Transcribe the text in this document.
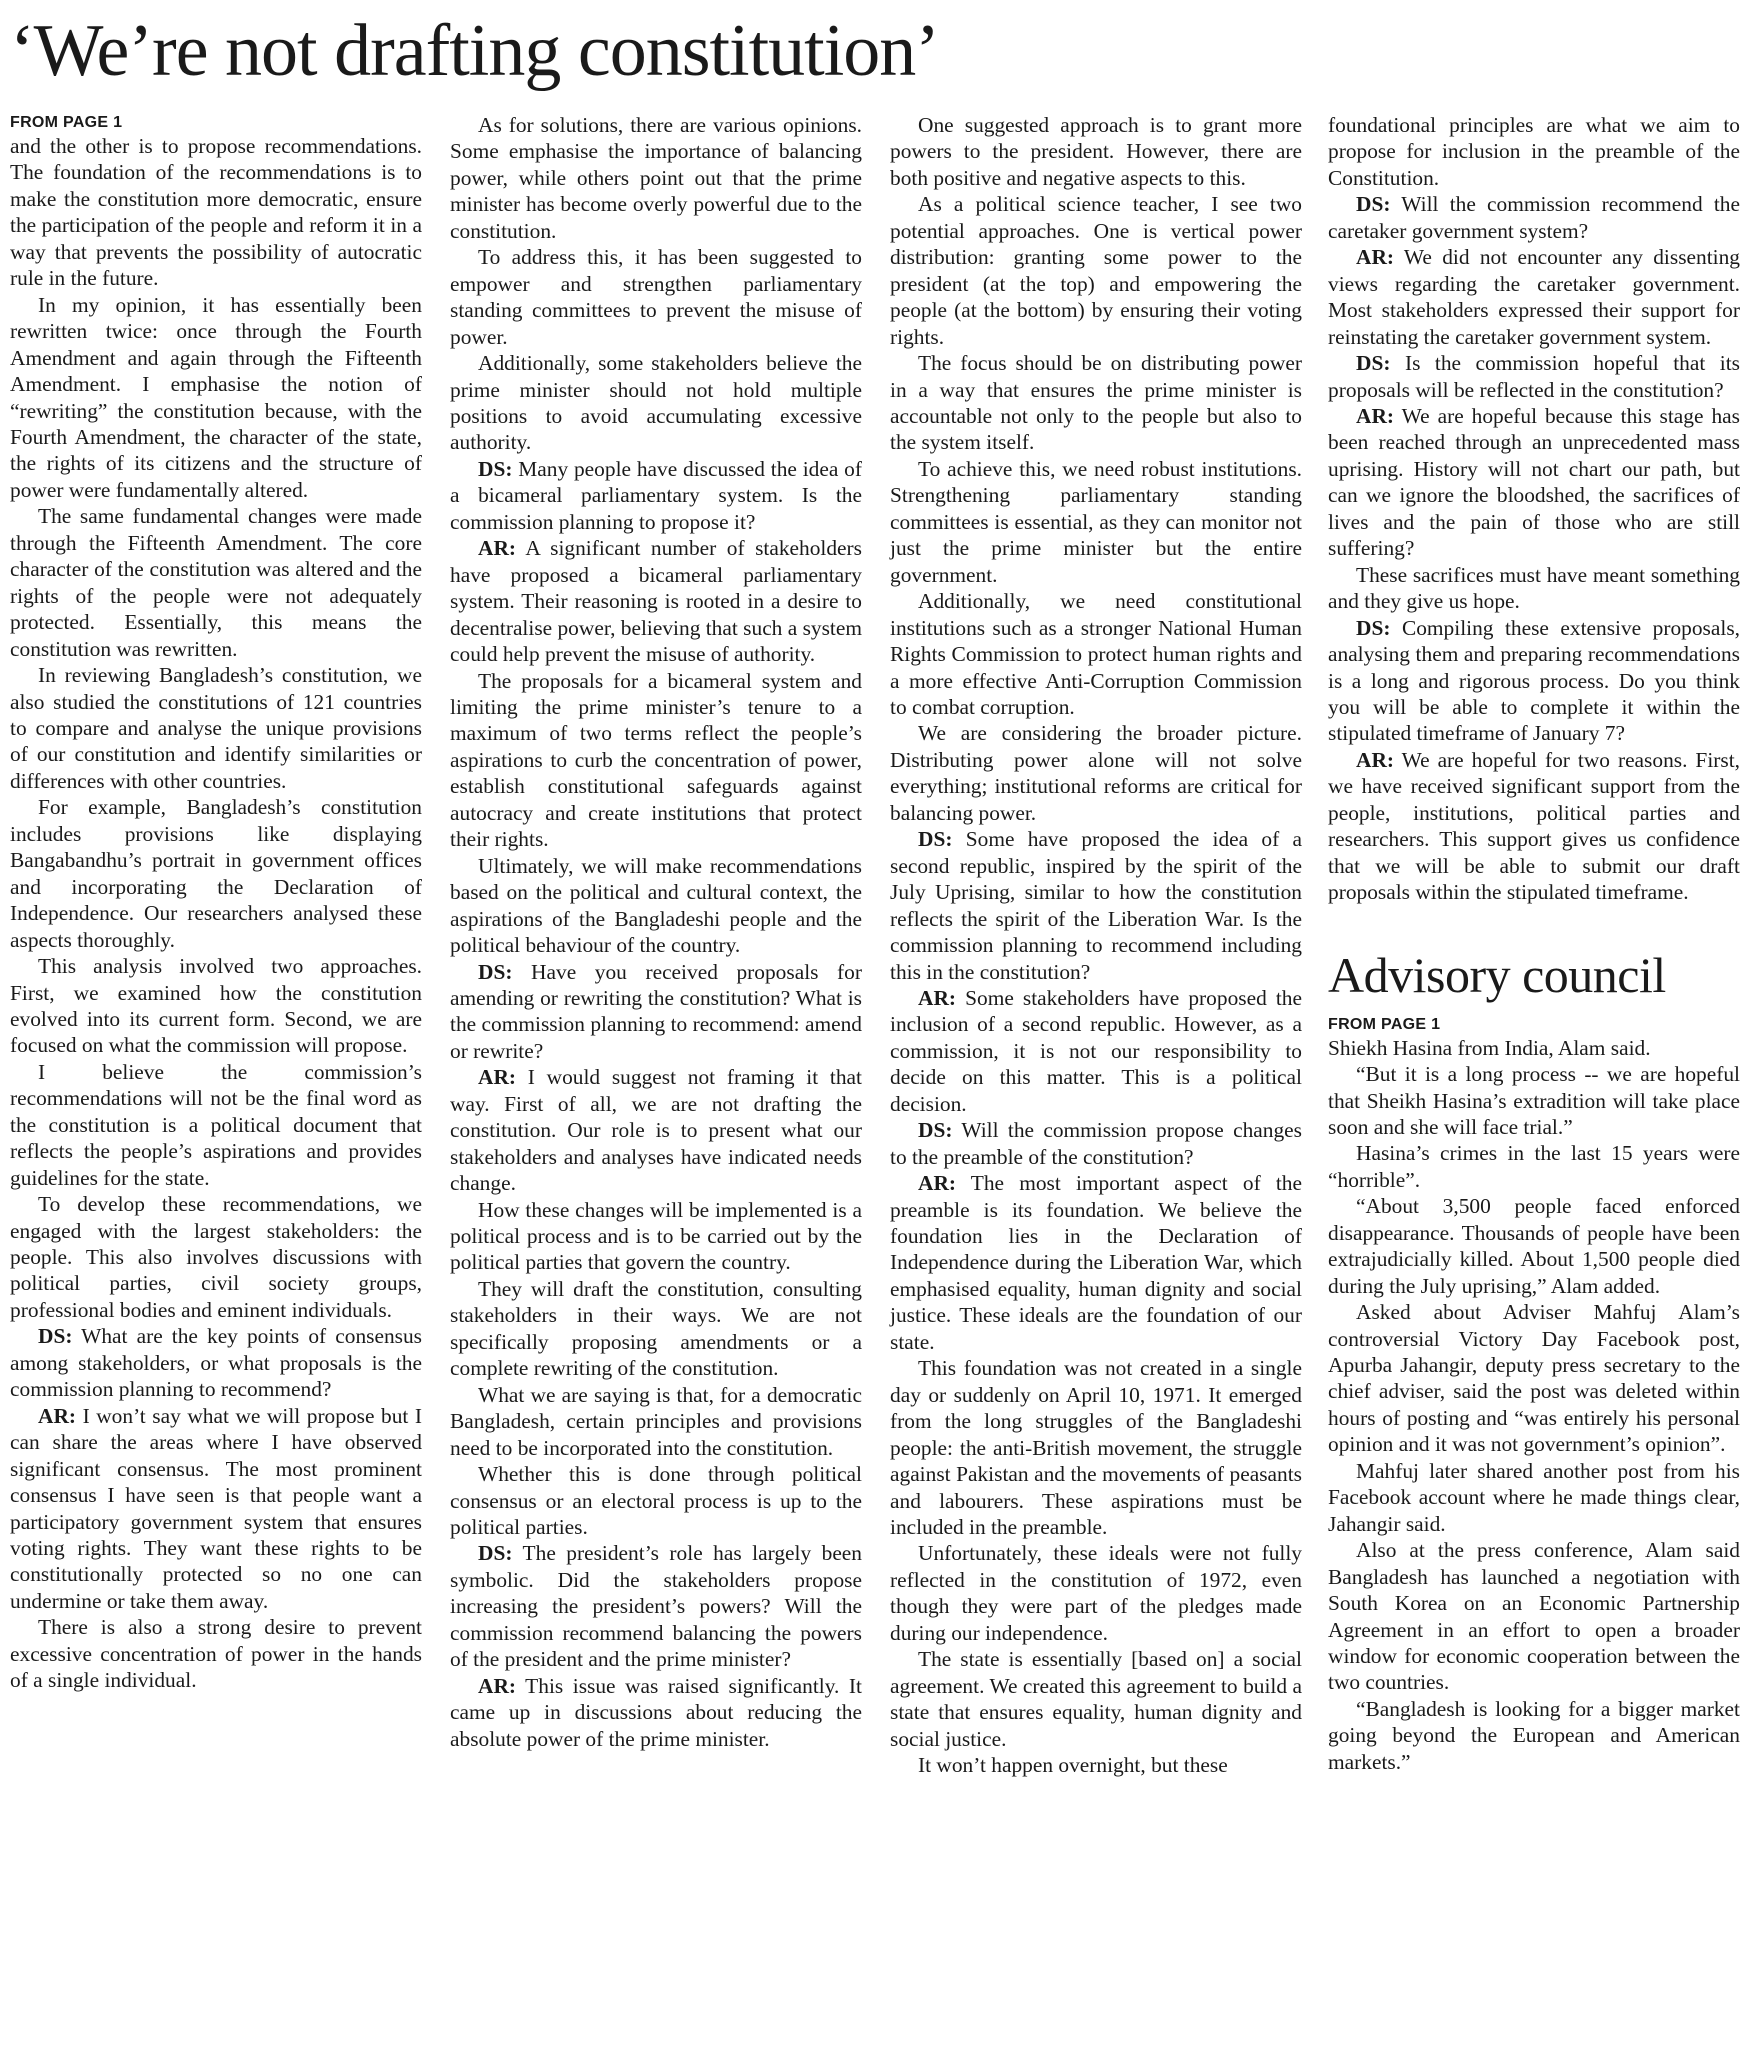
‘We’re not drafting constitution’
FROM PAGE 1

and the other is to propose recommendations. The foundation of the recommendations is to make the constitution more democratic, ensure the participation of the people and reform it in a way that prevents the possibility of autocratic rule in the future.

In my opinion, it has essentially been rewritten twice: once through the Fourth Amendment and again through the Fifteenth Amendment. I emphasise the notion of “rewriting” the constitution because, with the Fourth Amendment, the character of the state, the rights of its citizens and the structure of power were fundamentally altered.

The same fundamental changes were made through the Fifteenth Amendment. The core character of the constitution was altered and the rights of the people were not adequately protected. Essentially, this means the constitution was rewritten.

In reviewing Bangladesh’s constitution, we also studied the constitutions of 121 countries to compare and analyse the unique provisions of our constitution and identify similarities or differences with other countries.

For example, Bangladesh’s constitution includes provisions like displaying Bangabandhu’s portrait in government offices and incorporating the Declaration of Independence. Our researchers analysed these aspects thoroughly.

This analysis involved two approaches. First, we examined how the constitution evolved into its current form. Second, we are focused on what the commission will propose.

I believe the commission’s recommendations will not be the final word as the constitution is a political document that reflects the people’s aspirations and provides guidelines for the state.

To develop these recommendations, we engaged with the largest stakeholders: the people. This also involves discussions with political parties, civil society groups, professional bodies and eminent individuals.

DS: What are the key points of consensus among stakeholders, or what proposals is the commission planning to recommend?

AR: I won’t say what we will propose but I can share the areas where I have observed significant consensus. The most prominent consensus I have seen is that people want a participatory government system that ensures voting rights. They want these rights to be constitutionally protected so no one can undermine or take them away.

There is also a strong desire to prevent excessive concentration of power in the hands of a single individual.

As for solutions, there are various opinions. Some emphasise the importance of balancing power, while others point out that the prime minister has become overly powerful due to the constitution.

To address this, it has been suggested to empower and strengthen parliamentary standing committees to prevent the misuse of power.

Additionally, some stakeholders believe the prime minister should not hold multiple positions to avoid accumulating excessive authority.

DS: Many people have discussed the idea of a bicameral parliamentary system. Is the commission planning to propose it?

AR: A significant number of stakeholders have proposed a bicameral parliamentary system. Their reasoning is rooted in a desire to decentralise power, believing that such a system could help prevent the misuse of authority.

The proposals for a bicameral system and limiting the prime minister’s tenure to a maximum of two terms reflect the people’s aspirations to curb the concentration of power, establish constitutional safeguards against autocracy and create institutions that protect their rights.

Ultimately, we will make recommendations based on the political and cultural context, the aspirations of the Bangladeshi people and the political behaviour of the country.

DS: Have you received proposals for amending or rewriting the constitution? What is the commission planning to recommend: amend or rewrite?

AR: I would suggest not framing it that way. First of all, we are not drafting the constitution. Our role is to present what our stakeholders and analyses have indicated needs change.

How these changes will be implemented is a political process and is to be carried out by the political parties that govern the country.

They will draft the constitution, consulting stakeholders in their ways. We are not specifically proposing amendments or a complete rewriting of the constitution.

What we are saying is that, for a democratic Bangladesh, certain principles and provisions need to be incorporated into the constitution.

Whether this is done through political consensus or an electoral process is up to the political parties.

DS: The president’s role has largely been symbolic. Did the stakeholders propose increasing the president’s powers? Will the commission recommend balancing the powers of the president and the prime minister?

AR: This issue was raised significantly. It came up in discussions about reducing the absolute power of the prime minister.

One suggested approach is to grant more powers to the president. However, there are both positive and negative aspects to this.

As a political science teacher, I see two potential approaches. One is vertical power distribution: granting some power to the president (at the top) and empowering the people (at the bottom) by ensuring their voting rights.

The focus should be on distributing power in a way that ensures the prime minister is accountable not only to the people but also to the system itself.

To achieve this, we need robust institutions. Strengthening parliamentary standing committees is essential, as they can monitor not just the prime minister but the entire government.

Additionally, we need constitutional institutions such as a stronger National Human Rights Commission to protect human rights and a more effective Anti-Corruption Commission to combat corruption.

We are considering the broader picture. Distributing power alone will not solve everything; institutional reforms are critical for balancing power.

DS: Some have proposed the idea of a second republic, inspired by the spirit of the July Uprising, similar to how the constitution reflects the spirit of the Liberation War. Is the commission planning to recommend including this in the constitution?

AR: Some stakeholders have proposed the inclusion of a second republic. However, as a commission, it is not our responsibility to decide on this matter. This is a political decision.

DS: Will the commission propose changes to the preamble of the constitution?

AR: The most important aspect of the preamble is its foundation. We believe the foundation lies in the Declaration of Independence during the Liberation War, which emphasised equality, human dignity and social justice. These ideals are the foundation of our state.

This foundation was not created in a single day or suddenly on April 10, 1971. It emerged from the long struggles of the Bangladeshi people: the anti-British movement, the struggle against Pakistan and the movements of peasants and labourers. These aspirations must be included in the preamble.

Unfortunately, these ideals were not fully reflected in the constitution of 1972, even though they were part of the pledges made during our independence.

The state is essentially [based on] a social agreement. We created this agreement to build a state that ensures equality, human dignity and social justice.

It won’t happen overnight, but these

foundational principles are what we aim to propose for inclusion in the preamble of the Constitution.

DS: Will the commission recommend the caretaker government system?

AR: We did not encounter any dissenting views regarding the caretaker government. Most stakeholders expressed their support for reinstating the caretaker government system.

DS: Is the commission hopeful that its proposals will be reflected in the constitution?

AR: We are hopeful because this stage has been reached through an unprecedented mass uprising. History will not chart our path, but can we ignore the bloodshed, the sacrifices of lives and the pain of those who are still suffering?

These sacrifices must have meant something and they give us hope.

DS: Compiling these extensive proposals, analysing them and preparing recommendations is a long and rigorous process. Do you think you will be able to complete it within the stipulated timeframe of January 7?

AR: We are hopeful for two reasons. First, we have received significant support from the people, institutions, political parties and researchers. This support gives us confidence that we will be able to submit our draft proposals within the stipulated timeframe.

Advisory council
FROM PAGE 1

Shiekh Hasina from India, Alam said.

“But it is a long process -- we are hopeful that Sheikh Hasina’s extradition will take place soon and she will face trial.”

Hasina’s crimes in the last 15 years were “horrible”.

“About 3,500 people faced enforced disappearance. Thousands of people have been extrajudicially killed. About 1,500 people died during the July uprising,” Alam added.

Asked about Adviser Mahfuj Alam’s controversial Victory Day Facebook post, Apurba Jahangir, deputy press secretary to the chief adviser, said the post was deleted within hours of posting and “was entirely his personal opinion and it was not government’s opinion”.

Mahfuj later shared another post from his Facebook account where he made things clear, Jahangir said.

Also at the press conference, Alam said Bangladesh has launched a negotiation with South Korea on an Economic Partnership Agreement in an effort to open a broader window for economic cooperation between the two countries.

“Bangladesh is looking for a bigger market going beyond the European and American markets.”
